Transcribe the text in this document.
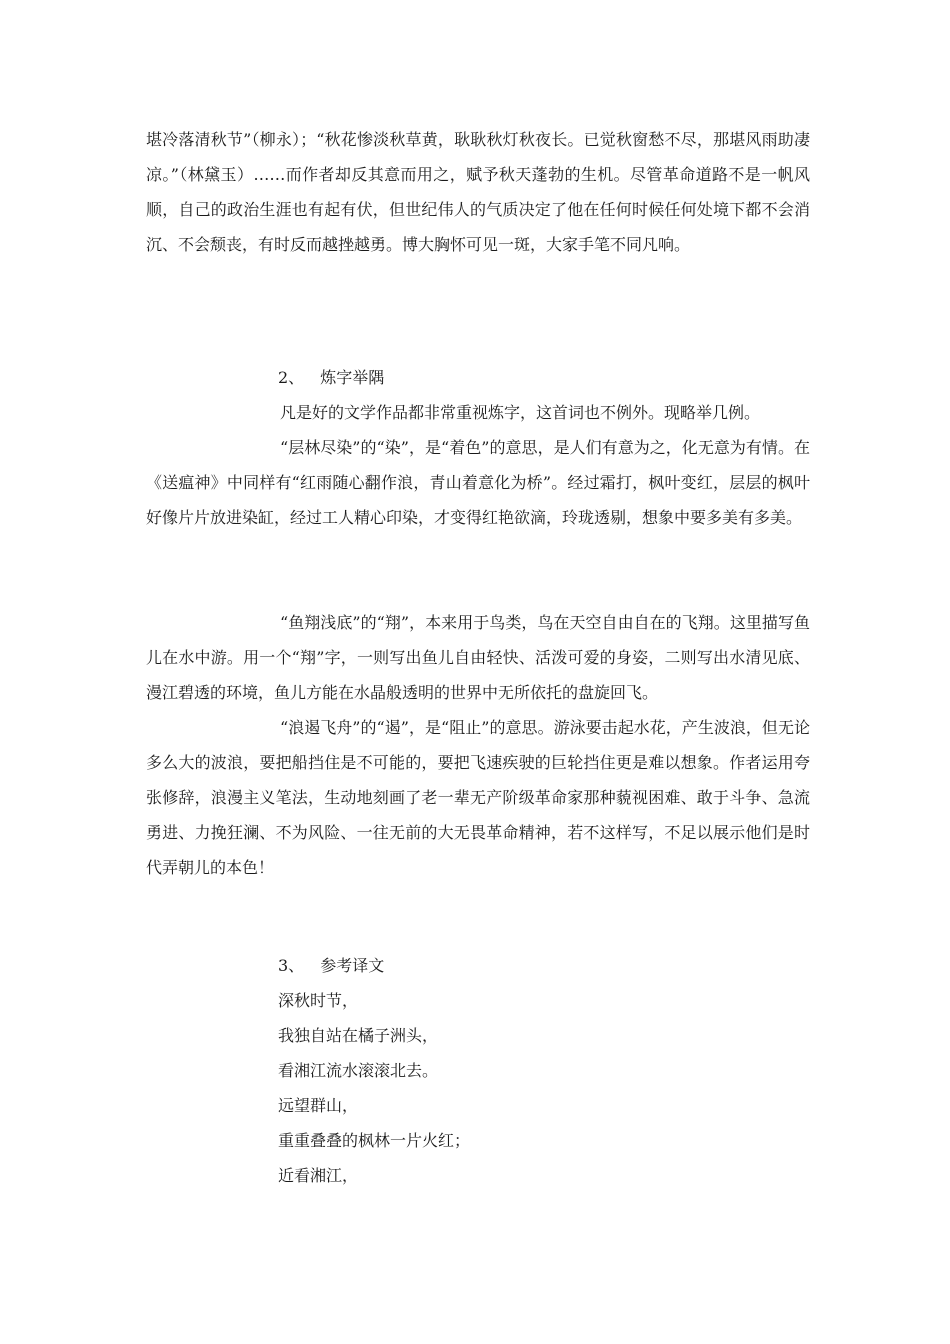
堪冷落清秋节”（柳永）；“秋花惨淡秋草黄，耿耿秋灯秋夜长。已觉秋窗愁不尽，那堪风雨助凄凉。”（林黛玉）……而作者却反其意而用之，赋予秋天蓬勃的生机。尽管革命道路不是一帆风顺，自己的政治生涯也有起有伏，但世纪伟人的气质决定了他在任何时候任何处境下都不会消沉、不会颓丧，有时反而越挫越勇。博大胸怀可见一斑，大家手笔不同凡响。

2、 炼字举隅

凡是好的文学作品都非常重视炼字，这首词也不例外。现略举几例。

“层林尽染”的“染”，是“着色”的意思，是人们有意为之，化无意为有情。在《送瘟神》中同样有“红雨随心翻作浪，青山着意化为桥”。经过霜打，枫叶变红，层层的枫叶好像片片放进染缸，经过工人精心印染，才变得红艳欲滴，玲珑透剔，想象中要多美有多美。

“鱼翔浅底”的“翔”，本来用于鸟类，鸟在天空自由自在的飞翔。这里描写鱼儿在水中游。用一个“翔”字，一则写出鱼儿自由轻快、活泼可爱的身姿，二则写出水清见底、漫江碧透的环境，鱼儿方能在水晶般透明的世界中无所依托的盘旋回飞。

“浪遏飞舟”的“遏”，是“阻止”的意思。游泳要击起水花，产生波浪，但无论多么大的波浪，要把船挡住是不可能的，要把飞速疾驶的巨轮挡住更是难以想象。作者运用夸张修辞，浪漫主义笔法，生动地刻画了老一辈无产阶级革命家那种藐视困难、敢于斗争、急流勇进、力挽狂澜、不为风险、一往无前的大无畏革命精神，若不这样写，不足以展示他们是时代弄朝儿的本色！

3、 参考译文
深秋时节，
我独自站在橘子洲头，
看湘江流水滚滚北去。
远望群山，
重重叠叠的枫林一片火红；
近看湘江，
